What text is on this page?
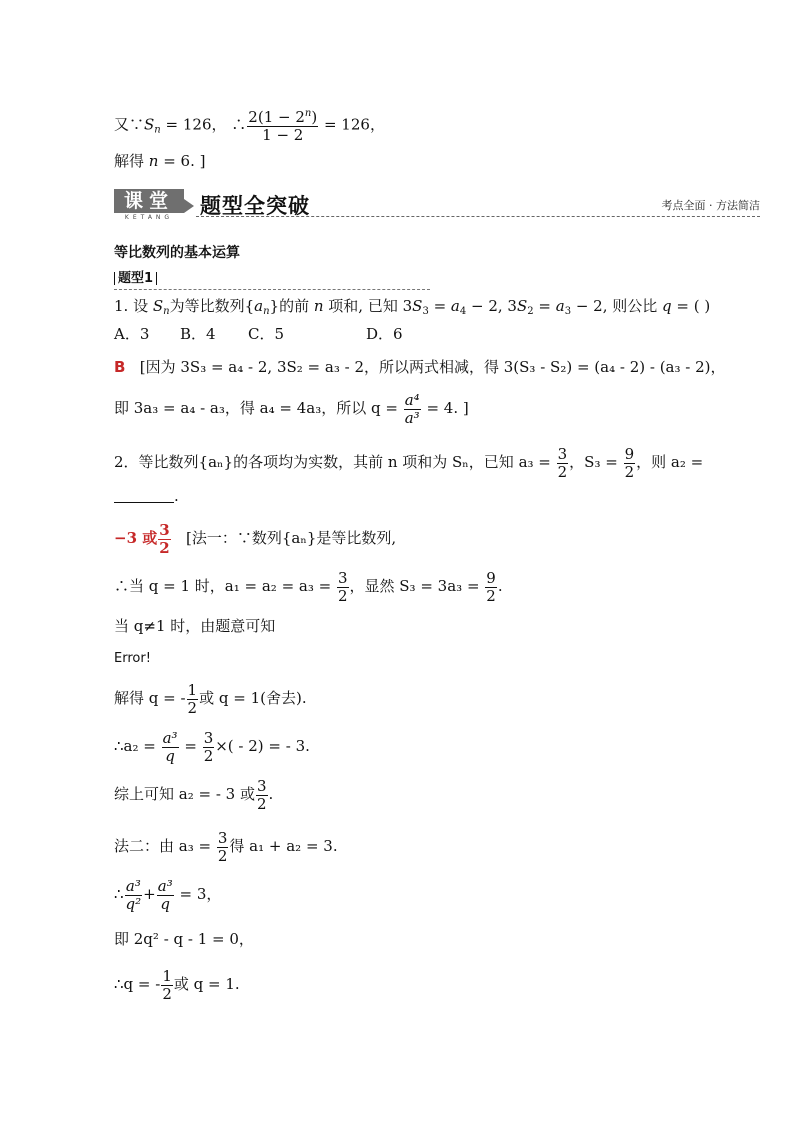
又$\because S_n = 126$， ∴ $\frac{2(1 - 2^n)}{1 - 2} = 126$，
解得 n = 6. ]
课堂
KETANG	题型全突破	考点全面 · 方法简洁
等比数列的基本运算
题型1
1. 设 $S_n$为等比数列$\{a_n\}$的前 n 项和, 已知 $3S_3 = a_4 - 2$, $3S_2 = a_3 - 2$, 则公比 q = ( )
A．3 B．4 C．5	D．6
B [因为 3S₃ = a₄ - 2, 3S₂ = a₃ - 2，所以两式相减，得 3(S₃ - S₂) = (a₄ - 2) - (a₃ - 2)，
即 3a₃ = a₄ - a₃，得 a₄ = 4a₃，所以 $q = \frac{\text{a⁴}}{\text{a³}} = 4$. ]
2．等比数列{aₙ}的各项均为实数，其前 n 项和为 Sₙ，已知 $a_3 = \frac{3}{2}$ ，$S_3 = \frac{9}{2}$ ，则 a₂ =
.
−3 或 $\frac{3}{2}$ [法一：∵数列{aₙ}是等比数列,
∴当 q = 1 时，$a_1 = a_2 = a_3 = \frac{3}{2}$ ，显然 $S_3 = 3a_3 = \frac{9}{2}$ .
当 q≠1 时，由题意可知
Error!
解得 q = - $\frac{1}{2}$ 或 q = 1(舍去).
∴a₂ = $\frac{\text{a³}}{q} = \frac{3}{2}$ ×( - 2) = - 3.
综上可知 a₂ = - 3 或 $\frac{3}{2}$ .
法二：由 $a_3 = \frac{3}{2}$ 得 a₁ + a₂ = 3.
∴ $\frac{\text{a³}}{\text{q²}} + \frac{\text{a³}}{q} = 3$，
即 2q² - q - 1 = 0，
∴q = - $\frac{1}{2}$ 或 q = 1.
